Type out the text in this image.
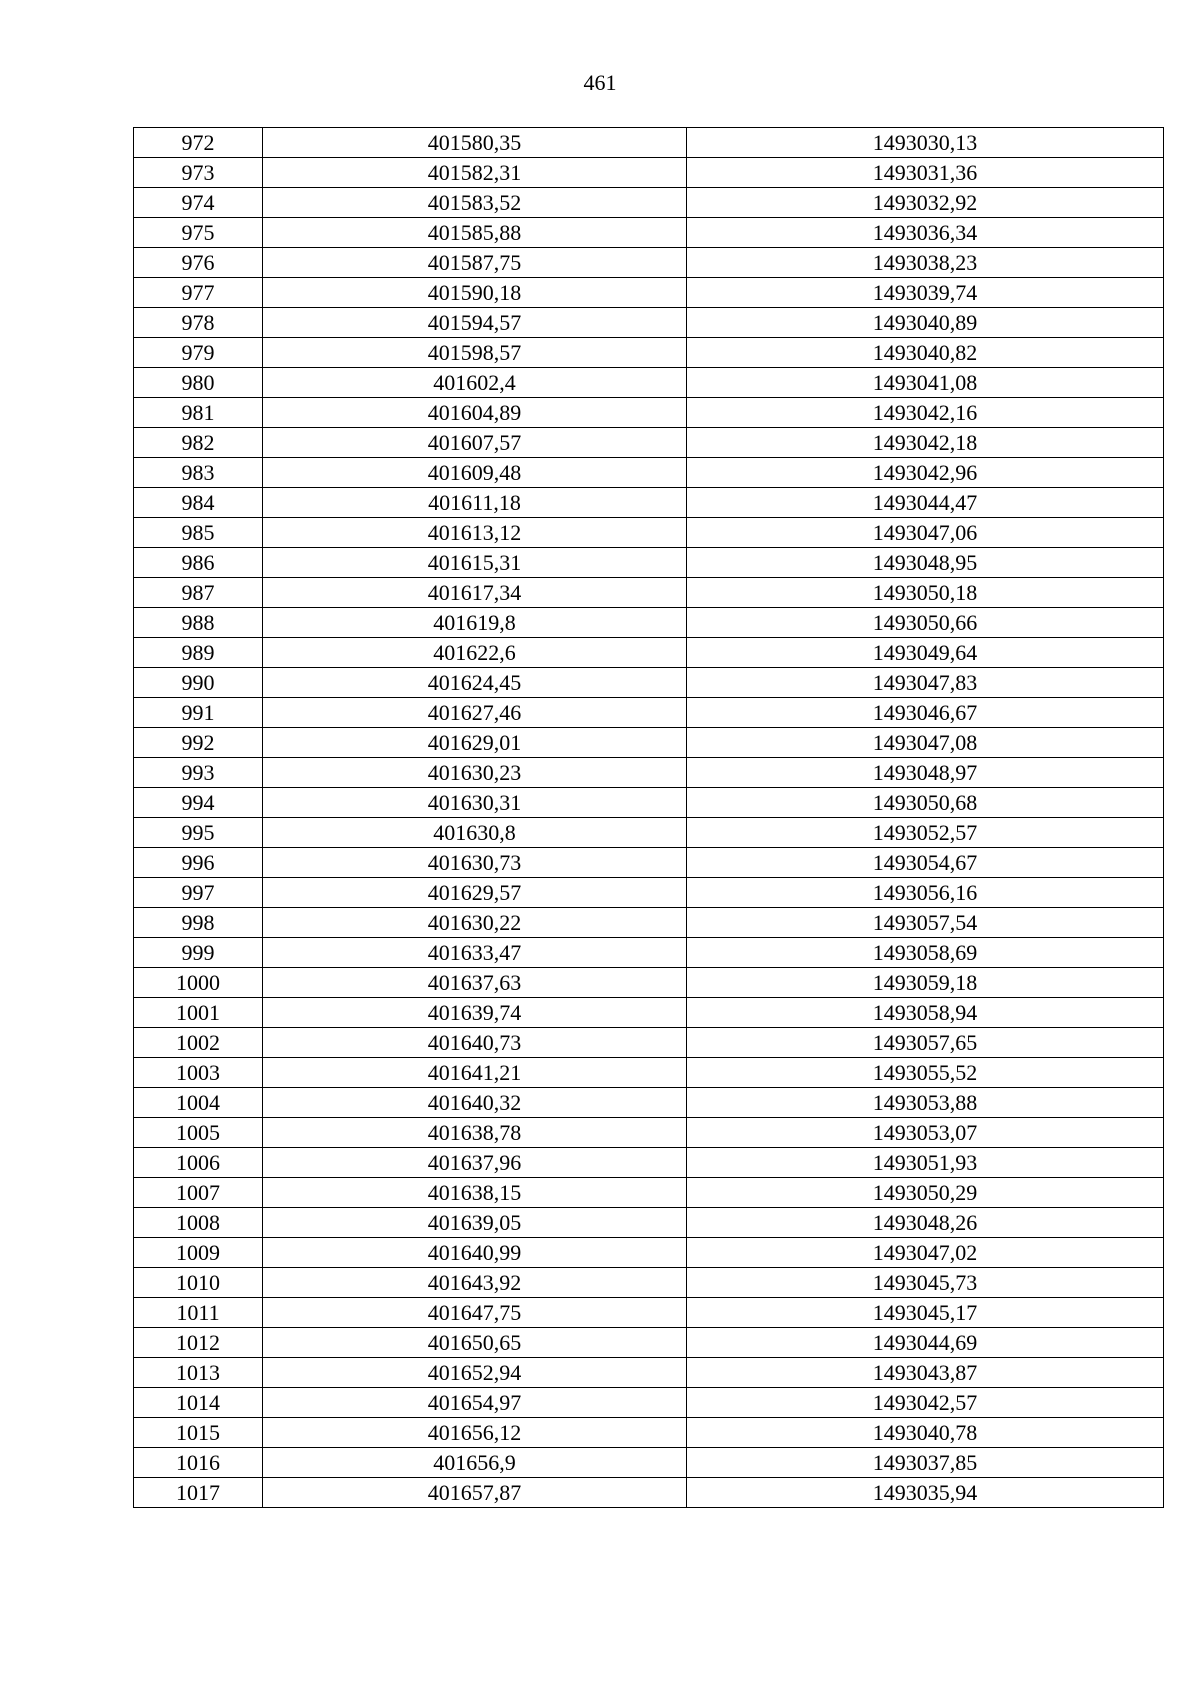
461
972	401580,35	1493030,13
973	401582,31	1493031,36
974	401583,52	1493032,92
975	401585,88	1493036,34
976	401587,75	1493038,23
977	401590,18	1493039,74
978	401594,57	1493040,89
979	401598,57	1493040,82
980	401602,4	1493041,08
981	401604,89	1493042,16
982	401607,57	1493042,18
983	401609,48	1493042,96
984	401611,18	1493044,47
985	401613,12	1493047,06
986	401615,31	1493048,95
987	401617,34	1493050,18
988	401619,8	1493050,66
989	401622,6	1493049,64
990	401624,45	1493047,83
991	401627,46	1493046,67
992	401629,01	1493047,08
993	401630,23	1493048,97
994	401630,31	1493050,68
995	401630,8	1493052,57
996	401630,73	1493054,67
997	401629,57	1493056,16
998	401630,22	1493057,54
999	401633,47	1493058,69
1000	401637,63	1493059,18
1001	401639,74	1493058,94
1002	401640,73	1493057,65
1003	401641,21	1493055,52
1004	401640,32	1493053,88
1005	401638,78	1493053,07
1006	401637,96	1493051,93
1007	401638,15	1493050,29
1008	401639,05	1493048,26
1009	401640,99	1493047,02
1010	401643,92	1493045,73
1011	401647,75	1493045,17
1012	401650,65	1493044,69
1013	401652,94	1493043,87
1014	401654,97	1493042,57
1015	401656,12	1493040,78
1016	401656,9	1493037,85
1017	401657,87	1493035,94
